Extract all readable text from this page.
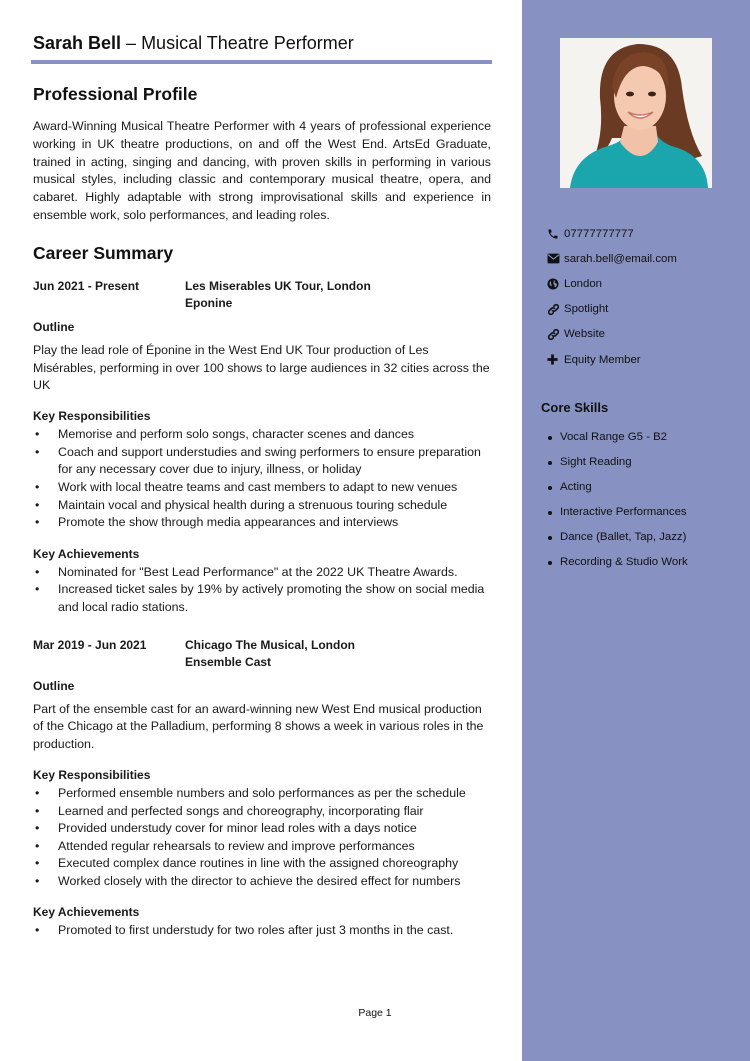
Sarah Bell – Musical Theatre Performer
Professional Profile

Award-Winning Musical Theatre Performer with 4 years of professional experience working in UK theatre productions, on and off the West End. ArtsEd Graduate, trained in acting, singing and dancing, with proven skills in performing in various musical styles, including classic and contemporary musical theatre, opera, and cabaret. Highly adaptable with strong improvisational skills and experience in ensemble work, solo performances, and leading roles.

Career Summary
Jun 2021 - Present	Les Miserables UK Tour, London
Eponine
Outline
Play the lead role of Éponine in the West End UK Tour production of Les Misérables, performing in over 100 shows to large audiences in 32 cities across the UK
Key Responsibilities
• Memorise and perform solo songs, character scenes and dances
• Coach and support understudies and swing performers to ensure preparation for any necessary cover due to injury, illness, or holiday
• Work with local theatre teams and cast members to adapt to new venues
• Maintain vocal and physical health during a strenuous touring schedule
• Promote the show through media appearances and interviews
Key Achievements
• Nominated for "Best Lead Performance" at the 2022 UK Theatre Awards.
• Increased ticket sales by 19% by actively promoting the show on social media and local radio stations.
Mar 2019 - Jun 2021	Chicago The Musical, London
Ensemble Cast
Outline
Part of the ensemble cast for an award-winning new West End musical production of the Chicago at the Palladium, performing 8 shows a week in various roles in the production.
Key Responsibilities
• Performed ensemble numbers and solo performances as per the schedule
• Learned and perfected songs and choreography, incorporating flair
• Provided understudy cover for minor lead roles with a days notice
• Attended regular rehearsals to review and improve performances
• Executed complex dance routines in line with the assigned choreography
• Worked closely with the director to achieve the desired effect for numbers
Key Achievements
• Promoted to first understudy for two roles after just 3 months in the cast.
Page 1
07777777777
sarah.bell@email.com
London
Spotlight
Website
Equity Member
Core Skills
Vocal Range G5 - B2
Sight Reading
Acting
Interactive Performances
Dance (Ballet, Tap, Jazz)
Recording & Studio Work
